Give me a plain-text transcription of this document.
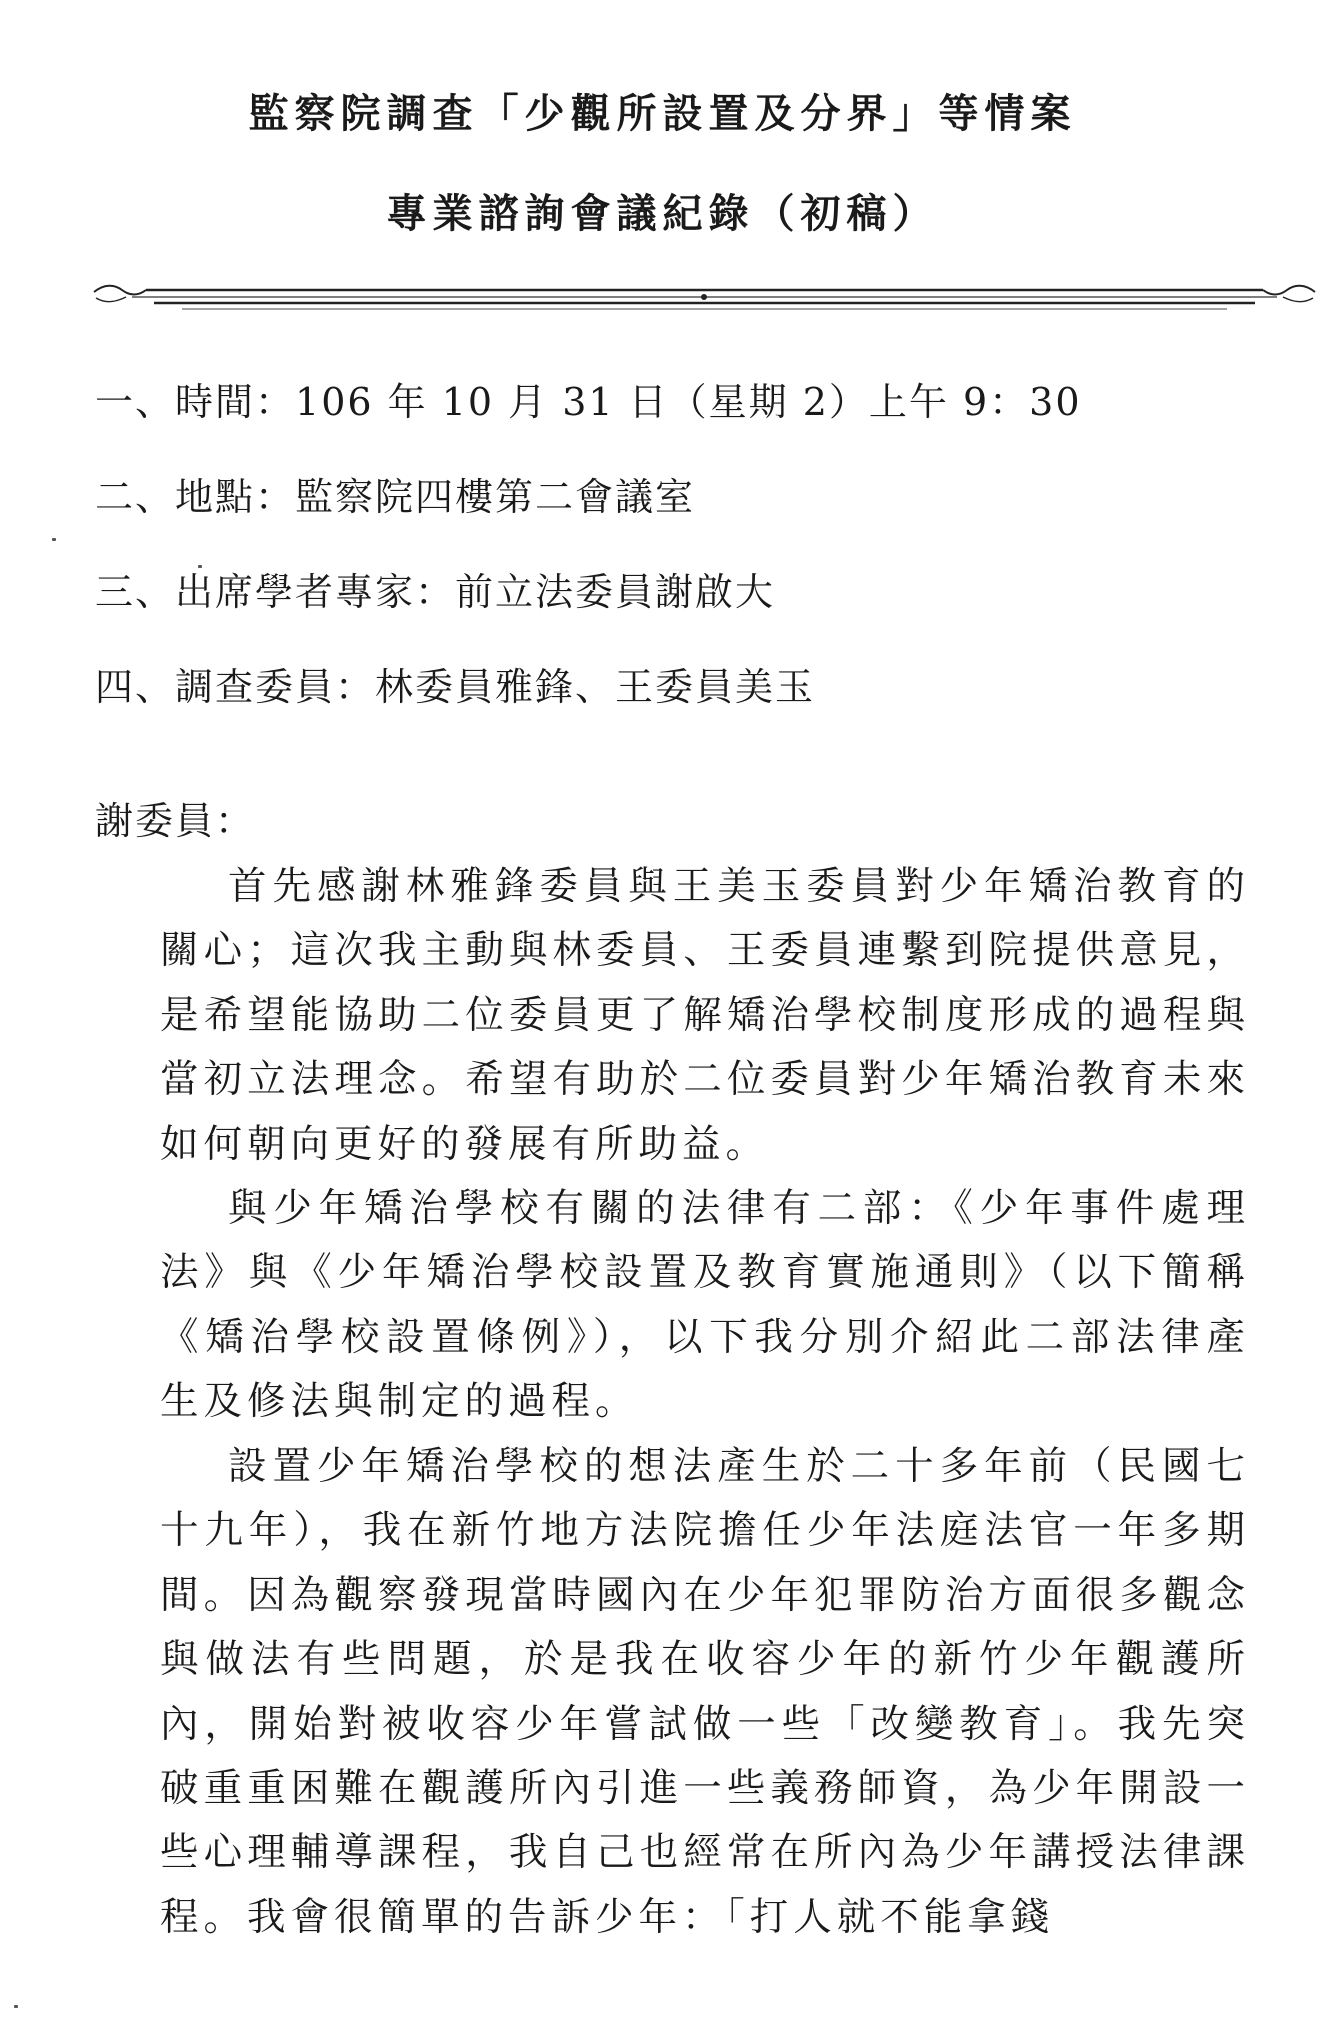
監察院調查「少觀所設置及分界」等情案
專業諮詢會議紀錄（初稿）
一、時間：106 年 10 月 31 日（星期 2）上午 9：30
二、地點：監察院四樓第二會議室
三、出席學者專家：前立法委員謝啟大
四、調查委員：林委員雅鋒、王委員美玉
謝委員：

首先感謝林雅鋒委員與王美玉委員對少年矯治教育的關心；這次我主動與林委員、王委員連繫到院提供意見，是希望能協助二位委員更了解矯治學校制度形成的過程與當初立法理念。希望有助於二位委員對少年矯治教育未來如何朝向更好的發展有所助益。

與少年矯治學校有關的法律有二部：《少年事件處理法》與《少年矯治學校設置及教育實施通則》（以下簡稱《矯治學校設置條例》），以下我分別介紹此二部法律產生及修法與制定的過程。

設置少年矯治學校的想法產生於二十多年前（民國七十九年），我在新竹地方法院擔任少年法庭法官一年多期間。因為觀察發現當時國內在少年犯罪防治方面很多觀念與做法有些問題，於是我在收容少年的新竹少年觀護所內，開始對被收容少年嘗試做一些「改變教育」。我先突破重重困難在觀護所內引進一些義務師資，為少年開設一些心理輔導課程，我自己也經常在所內為少年講授法律課程。我會很簡單的告訴少年：「打人就不能拿錢
